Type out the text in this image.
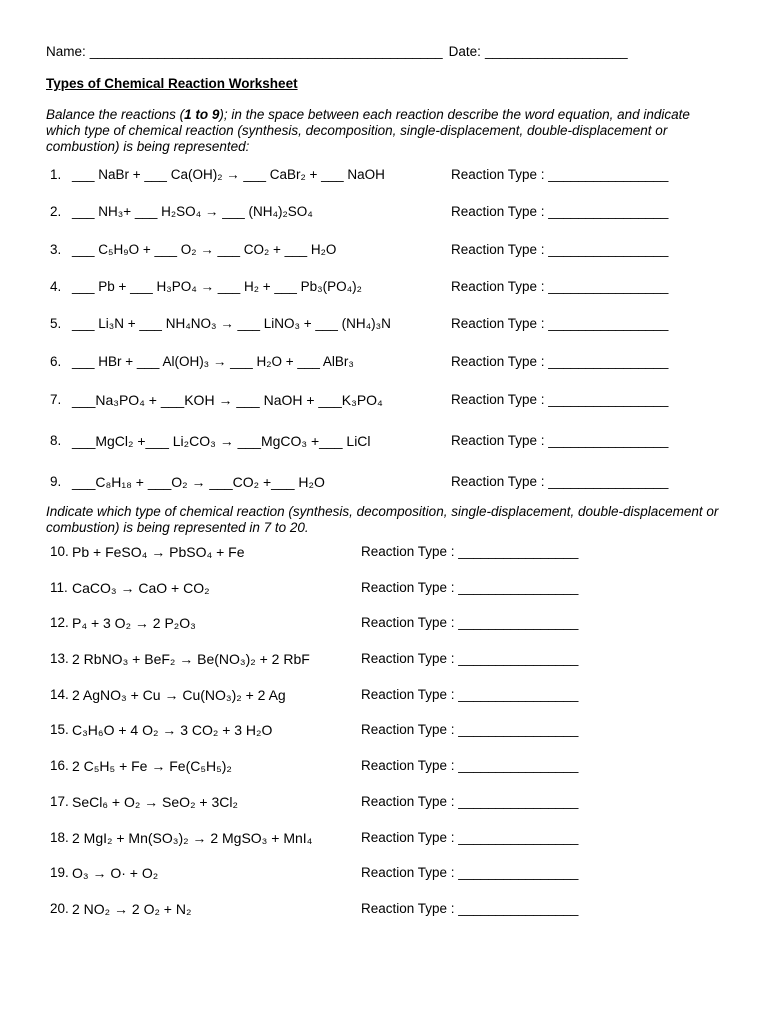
Name: _______________________________________________ Date: ___________________
Types of Chemical Reaction Worksheet
Balance the reactions (1 to 9); in the space between each reaction describe the word equation, and indicate which type of chemical reaction (synthesis, decomposition, single-displacement, double-displacement or combustion) is being represented:
1. ___ NaBr + ___ Ca(OH)₂ → ___ CaBr₂ + ___ NaOH	Reaction Type : ________________
2. ___ NH₃+ ___ H₂SO₄ → ___ (NH₄)₂SO₄	Reaction Type : ________________
3. ___ C₅H₉O + ___ O₂ → ___ CO₂ + ___ H₂O	Reaction Type : ________________
4. ___ Pb + ___ H₃PO₄ → ___ H₂ + ___ Pb₃(PO₄)₂	Reaction Type : ________________
5. ___ Li₃N + ___ NH₄NO₃ → ___ LiNO₃ + ___ (NH₄)₃N	Reaction Type : ________________
6. ___ HBr + ___ Al(OH)₃ → ___ H₂O + ___ AlBr₃	Reaction Type : ________________
7. ___Na₃PO₄ + ___KOH → ___ NaOH + ___K₃PO₄	Reaction Type : ________________
8. ___MgCl₂ +___ Li₂CO₃ → ___MgCO₃ +___ LiCl	Reaction Type : ________________
9. ___C₈H₁₈ + ___O₂ → ___CO₂ +___ H₂O	Reaction Type : ________________
Indicate which type of chemical reaction (synthesis, decomposition, single-displacement, double-displacement or combustion) is being represented in 7 to 20.
10. Pb + FeSO₄ → PbSO₄ + Fe	Reaction Type : ________________
11. CaCO₃ → CaO + CO₂	Reaction Type : ________________
12. P₄ + 3 O₂ → 2 P₂O₃	Reaction Type : ________________
13. 2 RbNO₃ + BeF₂ → Be(NO₃)₂ + 2 RbF	Reaction Type : ________________
14. 2 AgNO₃ + Cu → Cu(NO₃)₂ + 2 Ag	Reaction Type : ________________
15. C₃H₆O + 4 O₂ → 3 CO₂ + 3 H₂O	Reaction Type : ________________
16. 2 C₅H₅ + Fe → Fe(C₅H₅)₂	Reaction Type : ________________
17. SeCl₆ + O₂ → SeO₂ + 3Cl₂	Reaction Type : ________________
18. 2 MgI₂ + Mn(SO₃)₂ → 2 MgSO₃ + MnI₄	Reaction Type : ________________
19. O₃ → O· + O₂	Reaction Type : ________________
20. 2 NO₂ → 2 O₂ + N₂	Reaction Type : ________________
